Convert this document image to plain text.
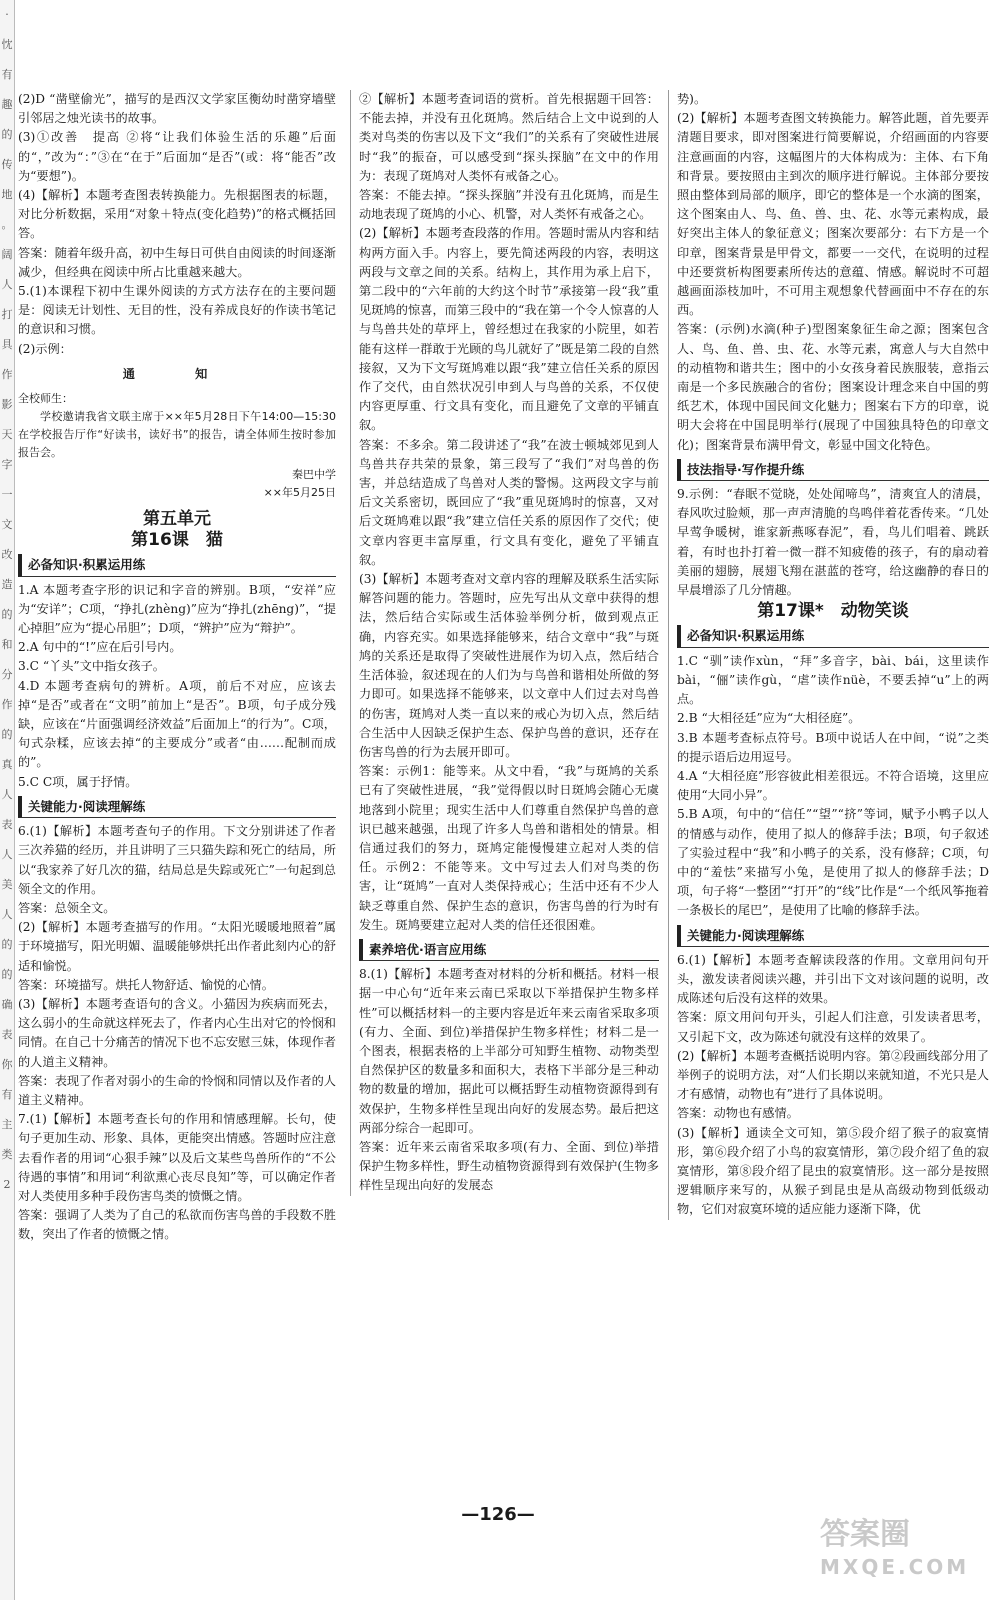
·
忱
有
趣
的
传
地
。
阔
人
打
具
作
影
天
字
一
文
改
造
的
和
分
作
的
真
人
表
人
美
人
的
的
确
表
你
有
主
类
2

(2)D “凿壁偷光”，描写的是西汉文学家匡衡幼时凿穿墙壁引邻居之烛光读书的故事。

(3)①改善　提高 ②将“让我们体验生活的乐趣”后面的“，”改为“：”③在“在于”后面加“是否”(或：将“能否”改为“要想”)。

(4)【解析】本题考查图表转换能力。先根据图表的标题，对比分析数据，采用“对象＋特点(变化趋势)”的格式概括回答。

答案：随着年级升高，初中生每日可供自由阅读的时间逐渐减少，但经典在阅读中所占比重越来越大。

5.(1)本课程下初中生课外阅读的方式方法存在的主要问题是：阅读无计划性、无目的性，没有养成良好的作读书笔记的意识和习惯。

(2)示例：

通　知
全校师生：
学校邀请我省文联主席于××年5月28日下午14:00—15:30在学校报告厅作“好读书，读好书”的报告，请全体师生按时参加报告会。
秦巴中学
××年5月25日
第五单元
第16课　猫
必备知识·积累运用练

1.A 本题考查字形的识记和字音的辨别。B项，“安祥”应为“安详”；C项，“挣扎(zhèng)”应为“挣扎(zhēng)”，“提心掉胆”应为“提心吊胆”；D项，“辨护”应为“辩护”。

2.A 句中的“!”应在后引号内。

3.C “丫头”文中指女孩子。

4.D 本题考查病句的辨析。A项，前后不对应，应该去掉“是否”或者在“文明”前加上“是否”。B项，句子成分残缺，应该在“片面强调经济效益”后面加上“的行为”。C项，句式杂糅，应该去掉“的主要成分”或者“由……配制而成的”。

5.C C项，属于抒情。

关键能力·阅读理解练

6.(1)【解析】本题考查句子的作用。下文分别讲述了作者三次养猫的经历，并且讲明了三只猫失踪和死亡的结局，所以“我家养了好几次的猫，结局总是失踪或死亡”一句起到总领全文的作用。

答案：总领全文。

(2)【解析】本题考查描写的作用。“太阳光暖暖地照着”属于环境描写，阳光明媚、温暖能够烘托出作者此刻内心的舒适和愉悦。

答案：环境描写。烘托人物舒适、愉悦的心情。

(3)【解析】本题考查语句的含义。小猫因为疾病而死去，这么弱小的生命就这样死去了，作者内心生出对它的怜悯和同情。在自己十分痛苦的情况下也不忘安慰三妹，体现作者的人道主义精神。

答案：表现了作者对弱小的生命的怜悯和同情以及作者的人道主义精神。

7.(1)【解析】本题考查长句的作用和情感理解。长句，使句子更加生动、形象、具体，更能突出情感。答题时应注意去看作者的用词“心狠手辣”以及后文某些鸟兽所作的“不公待遇的事情”和用词“利欲熏心丧尽良知”等，可以确定作者对人类使用多种手段伤害鸟类的愤慨之情。

答案：强调了人类为了自己的私欲而伤害鸟兽的手段数不胜数，突出了作者的愤慨之情。

②【解析】本题考查词语的赏析。首先根据题干回答：不能去掉，并没有丑化斑鸠。然后结合上文中说到的人类对鸟类的伤害以及下文“我们”的关系有了突破性进展时“我”的振奋，可以感受到“探头探脑”在文中的作用为：表现了斑鸠对人类怀有戒备之心。

答案：不能去掉。“探头探脑”并没有丑化斑鸠，而是生动地表现了斑鸠的小心、机警，对人类怀有戒备之心。

(2)【解析】本题考查段落的作用。答题时需从内容和结构两方面入手。内容上，要先简述两段的内容，表明这两段与文章之间的关系。结构上，其作用为承上启下，第二段中的“六年前的大约这个时节”承接第一段“我”重见斑鸠的惊喜，而第三段中的“我在第一个令人惊喜的人与鸟兽共处的草坪上，曾经想过在我家的小院里，如若能有这样一群敢于光顾的鸟儿就好了”既是第二段的自然接叙，又为下文写斑鸠难以跟“我”建立信任关系的原因作了交代，由自然状况引申到人与鸟兽的关系，不仅使内容更厚重、行文具有变化，而且避免了文章的平铺直叙。

答案：不多余。第二段讲述了“我”在波士顿城郊见到人鸟兽共存共荣的景象，第三段写了“我们”对鸟兽的伤害，并总结造成了鸟兽对人类的警惕。这两段文字与前后文关系密切，既回应了“我”重见斑鸠时的惊喜，又对后文斑鸠难以跟“我”建立信任关系的原因作了交代；使文章内容更丰富厚重，行文具有变化，避免了平铺直叙。

(3)【解析】本题考查对文章内容的理解及联系生活实际解答问题的能力。答题时，应先写出从文章中获得的想法，然后结合实际或生活体验举例分析，做到观点正确，内容充实。如果选择能够来，结合文章中“我”与斑鸠的关系还是取得了突破性进展作为切入点，然后结合生活体验，叙述现在的人们为与鸟兽和谐相处所做的努力即可。如果选择不能够来，以文章中人们过去对鸟兽的伤害，斑鸠对人类一直以来的戒心为切入点，然后结合生活中人因缺乏保护生态、保护鸟兽的意识，还存在伤害鸟兽的行为去展开即可。

答案：示例1：能等来。从文中看，“我”与斑鸠的关系已有了突破性进展，“我”觉得假以时日斑鸠会随心无虞地落到小院里；现实生活中人们尊重自然保护鸟兽的意识已越来越强，出现了许多人鸟兽和谐相处的情景。相信通过我们的努力，斑鸠定能慢慢建立起对人类的信任。示例2：不能等来。文中写过去人们对鸟类的伤害，让“斑鸠”一直对人类保持戒心；生活中还有不少人缺乏尊重自然、保护生态的意识，伤害鸟兽的行为时有发生。斑鸠要建立起对人类的信任还很困难。

素养培优·语言应用练

8.(1)【解析】本题考查对材料的分析和概括。材料一根据一中心句“近年来云南已采取以下举措保护生物多样性”可以概括材料一的主要内容是近年来云南省采取多项(有力、全面、到位)举措保护生物多样性；材料二是一个图表，根据表格的上半部分可知野生植物、动物类型自然保护区的数量多和面积大，表格下半部分是三种动物的数量的增加，据此可以概括野生动植物资源得到有效保护，生物多样性呈现出向好的发展态势。最后把这两部分综合一起即可。

答案：近年来云南省采取多项(有力、全面、到位)举措保护生物多样性，野生动植物资源得到有效保护(生物多样性呈现出向好的发展态

势)。

(2)【解析】本题考查图文转换能力。解答此题，首先要弄清题目要求，即对图案进行简要解说，介绍画面的内容要注意画面的内容，这幅图片的大体构成为：主体、右下角和背景。要按照由主到次的顺序进行解说。主体部分要按照由整体到局部的顺序，即它的整体是一个水滴的图案，这个图案由人、鸟、鱼、兽、虫、花、水等元素构成，最好突出主体人的象征意义；图案次要部分：右下方是一个印章，图案背景是甲骨文，都要一一交代，在说明的过程中还要赏析构图要素所传达的意蕴、情感。解说时不可超越画面添枝加叶，不可用主观想象代替画面中不存在的东西。

答案：(示例)水滴(种子)型图案象征生命之源；图案包含人、鸟、鱼、兽、虫、花、水等元素，寓意人与大自然中的动植物和谐共生；图中的小女孩身着民族服装，意指云南是一个多民族融合的省份；图案设计理念来自中国的剪纸艺术，体现中国民间文化魅力；图案右下方的印章，说明大会将在中国昆明举行(展现了中国独具特色的印章文化)；图案背景布满甲骨文，彰显中国文化特色。

技法指导·写作提升练

9.示例：“春眠不觉晓，处处闻啼鸟”，清爽宜人的清晨，春风吹过脸颊，那一声声清脆的鸟鸣伴着花香传来。“几处早莺争暖树，谁家新燕啄春泥”，看，鸟儿们唱着、跳跃着，有时也扑打着一微一群不知疲倦的孩子，有的扇动着美丽的翅膀，展翅飞翔在湛蓝的苍穹，给这幽静的春日的早晨增添了几分情趣。

第17课*　动物笑谈
必备知识·积累运用练

1.C “驯”读作xùn，“拜”多音字，bài、bái，这里读作bài，“俪”读作gù，“虐”读作nüè，不要丢掉“u”上的两点。

2.B “大相径廷”应为“大相径庭”。

3.B 本题考查标点符号。B项中说话人在中间，“说”之类的提示语后边用逗号。

4.A “大相径庭”形容彼此相差很远。不符合语境，这里应使用“大同小异”。

5.B A项，句中的“信任”“望”“挤”等词，赋予小鸭子以人的情感与动作，使用了拟人的修辞手法；B项，句子叙述了实验过程中“我”和小鸭子的关系，没有修辞；C项，句中的“羞怯”来描写小兔，是使用了拟人的修辞手法；D项，句子将“一整团”“打开”的“线”比作是“一个纸风筝拖着一条极长的尾巴”，是使用了比喻的修辞手法。

关键能力·阅读理解练

6.(1)【解析】本题考查解读段落的作用。文章用问句开头，激发读者阅读兴趣，并引出下文对该问题的说明，改成陈述句后没有这样的效果。

答案：原文用问句开头，引起人们注意，引发读者思考，又引起下文，改为陈述句就没有这样的效果了。

(2)【解析】本题考查概括说明内容。第②段画线部分用了举例子的说明方法，对“人们长期以来就知道，不光只是人才有感情，动物也有”进行了具体说明。

答案：动物也有感情。

(3)【解析】通读全文可知，第⑤段介绍了猴子的寂寞情形，第⑥段介绍了小鸟的寂寞情形，第⑦段介绍了鱼的寂寞情形，第⑧段介绍了昆虫的寂寞情形。这一部分是按照逻辑顺序来写的，从猴子到昆虫是从高级动物到低级动物，它们对寂寞环境的适应能力逐渐下降，优

—126—
答案圈
MXQE.COM
